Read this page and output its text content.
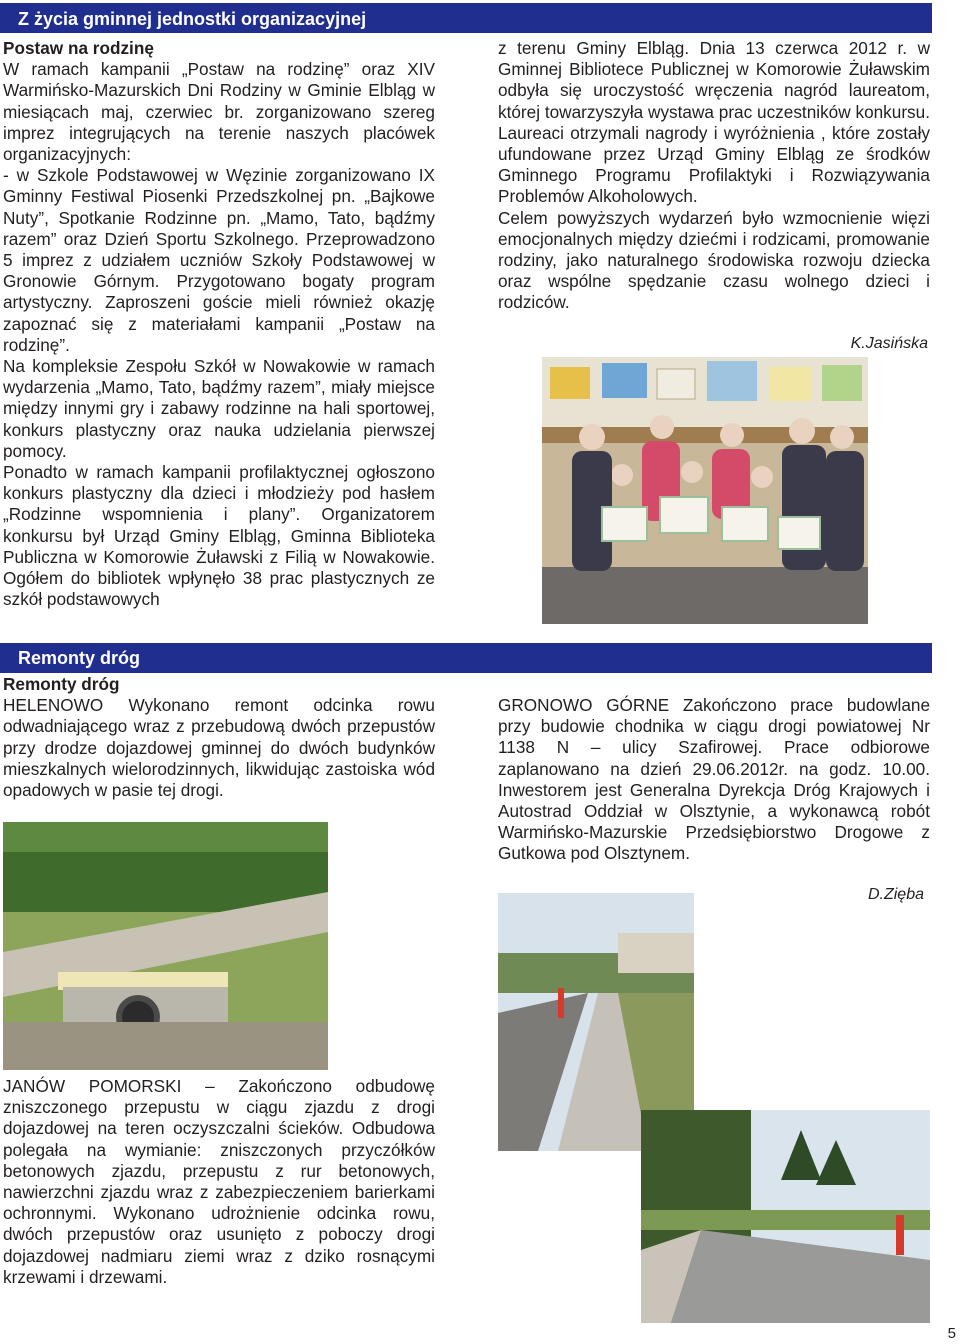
Z życia gminnej jednostki organizacyjnej
Postaw na rodzinę

W ramach kampanii „Postaw na rodzinę” oraz XIV Warmińsko-Mazurskich Dni Rodziny w Gminie Elbląg w miesiącach maj, czerwiec br. zorganizowano szereg imprez integrujących na terenie naszych placówek organizacyjnych:

- w Szkole Podstawowej w Węzinie zorganizowano IX Gminny Festiwal Piosenki Przedszkolnej pn. „Bajkowe Nuty”, Spotkanie Rodzinne pn. „Mamo, Tato, bądźmy razem” oraz Dzień Sportu Szkolnego. Przeprowadzono 5 imprez z udziałem uczniów Szkoły Podstawowej w Gronowie Górnym. Przygotowano bogaty program artystyczny. Zaproszeni goście mieli również okazję zapoznać się z materiałami kampanii „Postaw na rodzinę”.

Na kompleksie Zespołu Szkół w Nowakowie w ramach wydarzenia „Mamo, Tato, bądźmy razem”, miały miejsce między innymi gry i zabawy rodzinne na hali sportowej, konkurs plastyczny oraz nauka udzielania pierwszej pomocy.

Ponadto w ramach kampanii profilaktycznej ogłoszono konkurs plastyczny dla dzieci i młodzieży pod hasłem „Rodzinne wspomnienia i plany”. Organizatorem konkursu był Urząd Gminy Elbląg, Gminna Biblioteka Publiczna w Komorowie Żuławski z Filią w Nowakowie. Ogółem do bibliotek wpłynęło 38 prac plastycznych ze szkół podstawowych

z terenu Gminy Elbląg. Dnia 13 czerwca 2012 r. w Gminnej Bibliotece Publicznej w Komorowie Żuławskim odbyła się uroczystość wręczenia nagród laureatom, której towarzyszyła wystawa prac uczestników konkursu. Laureaci otrzymali nagrody i wyróżnienia , które zostały ufundowane przez Urząd Gminy Elbląg ze środków Gminnego Programu Profilaktyki i Rozwiązywania Problemów Alkoholowych.

Celem powyższych wydarzeń było wzmocnienie więzi emocjonalnych między dziećmi i rodzicami, promowanie rodziny, jako naturalnego środowiska rozwoju dziecka oraz wspólne spędzanie czasu wolnego dzieci i rodziców.

K.Jasińska
Remonty dróg
Remonty dróg

HELENOWO Wykonano remont odcinka rowu odwadniającego wraz z przebudową dwóch przepustów przy drodze dojazdowej gminnej do dwóch budynków mieszkalnych wielorodzinnych, likwidując zastoiska wód opadowych w pasie tej drogi.

JANÓW POMORSKI – Zakończono odbudowę zniszczonego przepustu w ciągu zjazdu z drogi dojazdowej na teren oczyszczalni ścieków. Odbudowa polegała na wymianie: zniszczonych przyczółków betonowych zjazdu, przepustu z rur betonowych, nawierzchni zjazdu wraz z zabezpieczeniem barierkami ochronnymi. Wykonano udrożnienie odcinka rowu, dwóch przepustów oraz usunięto z poboczy drogi dojazdowej nadmiaru ziemi wraz z dziko rosnącymi krzewami i drzewami.

GRONOWO GÓRNE Zakończono prace budowlane przy budowie chodnika w ciągu drogi powiatowej Nr 1138 N – ulicy Szafirowej. Prace odbiorowe zaplanowano na dzień 29.06.2012r. na godz. 10.00. Inwestorem jest Generalna Dyrekcja Dróg Krajowych i Autostrad Oddział w Olsztynie, a wykonawcą robót Warmińsko-Mazurskie Przedsiębiorstwo Drogowe z Gutkowa pod Olsztynem.

D.Zięba
5
